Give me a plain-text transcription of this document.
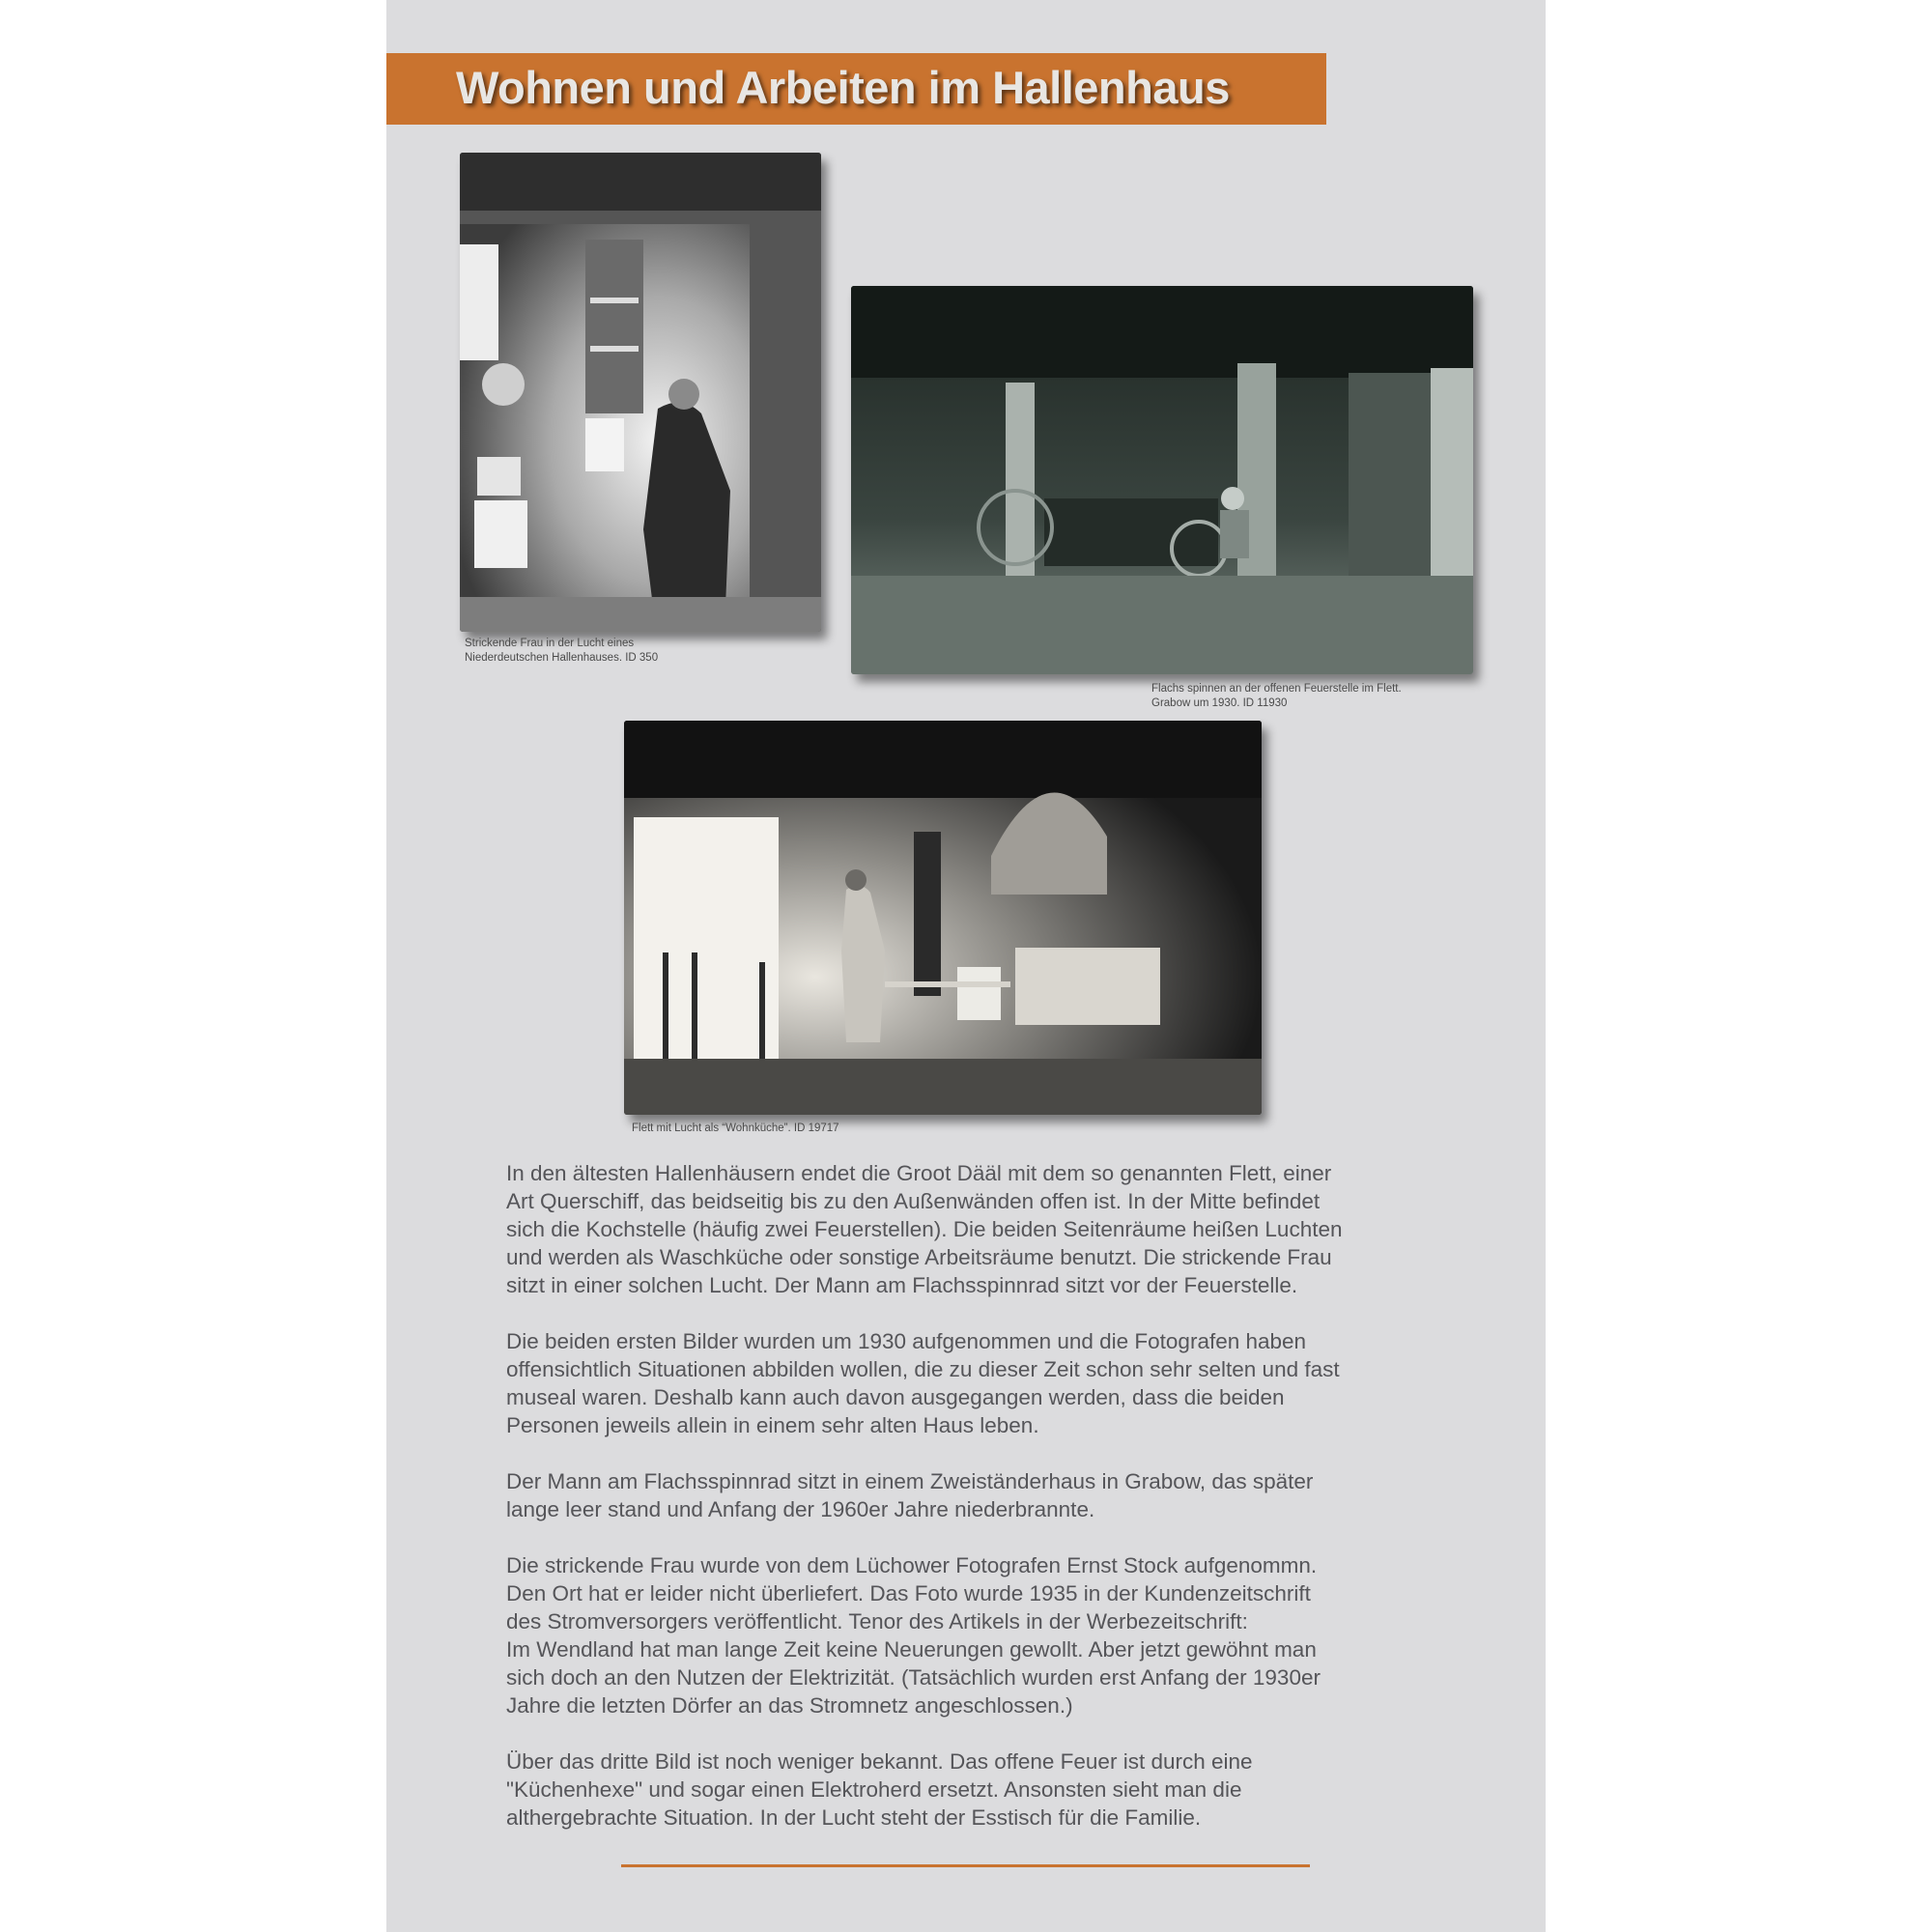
Wohnen und Arbeiten im Hallenhaus

Strickende Frau in der Lucht eines
Niederdeutschen Hallenhauses. ID 350

Flachs spinnen an der offenen Feuerstelle im Flett.
Grabow um 1930. ID 11930

Flett mit Lucht als “Wohnküche”. ID 19717

In den ältesten Hallenhäusern endet die Groot Dääl mit dem so genannten Flett, einer
Art Querschiff, das beidseitig bis zu den Außenwänden offen ist. In der Mitte befindet
sich die Kochstelle (häufig zwei Feuerstellen). Die beiden Seitenräume heißen Luchten
und werden als Waschküche oder sonstige Arbeitsräume benutzt. Die strickende Frau
sitzt in einer solchen Lucht. Der Mann am Flachsspinnrad sitzt vor der Feuerstelle.

Die beiden ersten Bilder wurden um 1930 aufgenommen und die Fotografen haben
offensichtlich Situationen abbilden wollen, die zu dieser Zeit schon sehr selten und fast
museal waren. Deshalb kann auch davon ausgegangen werden, dass die beiden
Personen jeweils allein in einem sehr alten Haus leben.

Der Mann am Flachsspinnrad sitzt in einem Zweiständerhaus in Grabow, das später
lange leer stand und Anfang der 1960er Jahre niederbrannte.

Die strickende Frau wurde von dem Lüchower Fotografen Ernst Stock aufgenommn.
Den Ort hat er leider nicht überliefert. Das Foto wurde 1935 in der Kundenzeitschrift
des Stromversorgers veröffentlicht. Tenor des Artikels in der Werbezeitschrift:
Im Wendland hat man lange Zeit keine Neuerungen gewollt. Aber jetzt gewöhnt man
sich doch an den Nutzen der Elektrizität. (Tatsächlich wurden erst Anfang der 1930er
Jahre die letzten Dörfer an das Stromnetz angeschlossen.)

Über das dritte Bild ist noch weniger bekannt. Das offene Feuer ist durch eine
"Küchenhexe" und sogar einen Elektroherd ersetzt. Ansonsten sieht man die
althergebrachte Situation. In der Lucht steht der Esstisch für die Familie.
